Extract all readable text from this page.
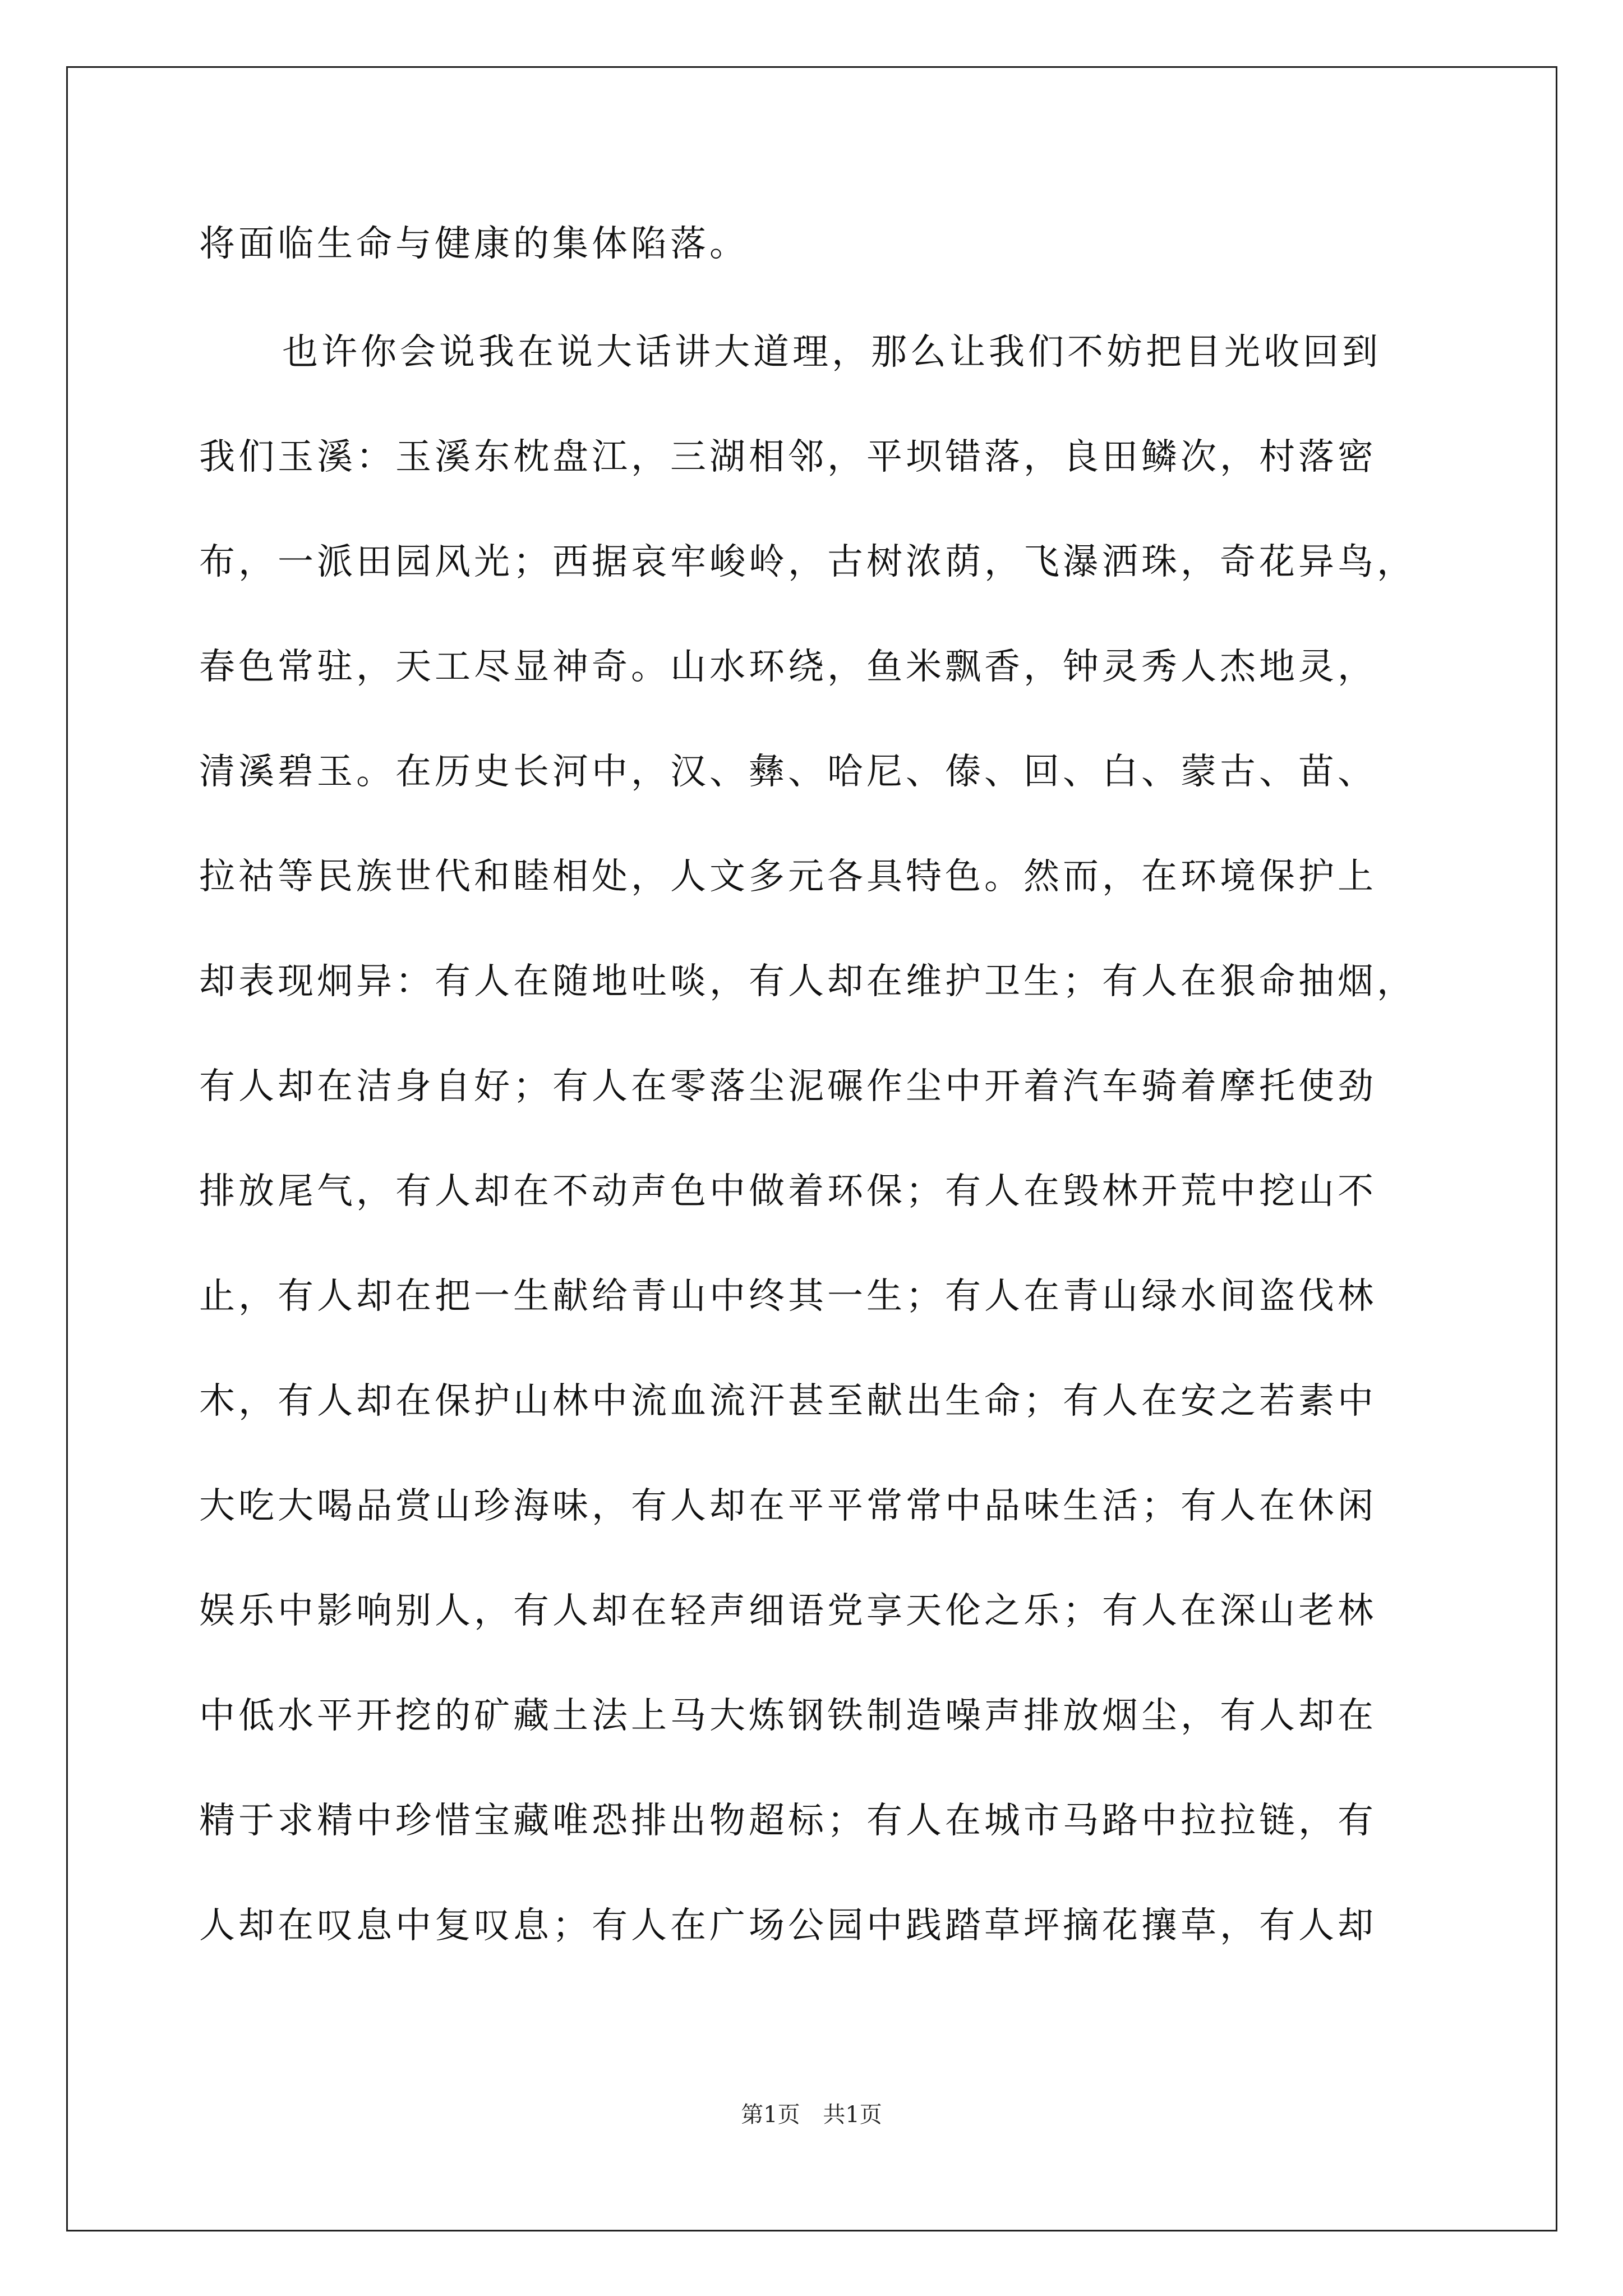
将面临生命与健康的集体陷落。
也许你会说我在说大话讲大道理，那么让我们不妨把目光收回到
我们玉溪：玉溪东枕盘江，三湖相邻，平坝错落，良田鳞次，村落密
布，一派田园风光；西据哀牢峻岭，古树浓荫，飞瀑洒珠，奇花异鸟，
春色常驻，天工尽显神奇。山水环绕，鱼米飘香，钟灵秀人杰地灵，
清溪碧玉。在历史长河中，汉、彝、哈尼、傣、回、白、蒙古、苗、
拉祜等民族世代和睦相处，人文多元各具特色。然而，在环境保护上
却表现炯异：有人在随地吐啖，有人却在维护卫生；有人在狠命抽烟，
有人却在洁身自好；有人在零落尘泥碾作尘中开着汽车骑着摩托使劲
排放尾气，有人却在不动声色中做着环保；有人在毁林开荒中挖山不
止，有人却在把一生献给青山中终其一生；有人在青山绿水间盗伐林
木，有人却在保护山林中流血流汗甚至献出生命；有人在安之若素中
大吃大喝品赏山珍海味，有人却在平平常常中品味生活；有人在休闲
娱乐中影响别人，有人却在轻声细语党享天伦之乐；有人在深山老林
中低水平开挖的矿藏土法上马大炼钢铁制造噪声排放烟尘，有人却在
精于求精中珍惜宝藏唯恐排出物超标；有人在城市马路中拉拉链，有
人却在叹息中复叹息；有人在广场公园中践踏草坪摘花攘草，有人却
第1页 共1页
